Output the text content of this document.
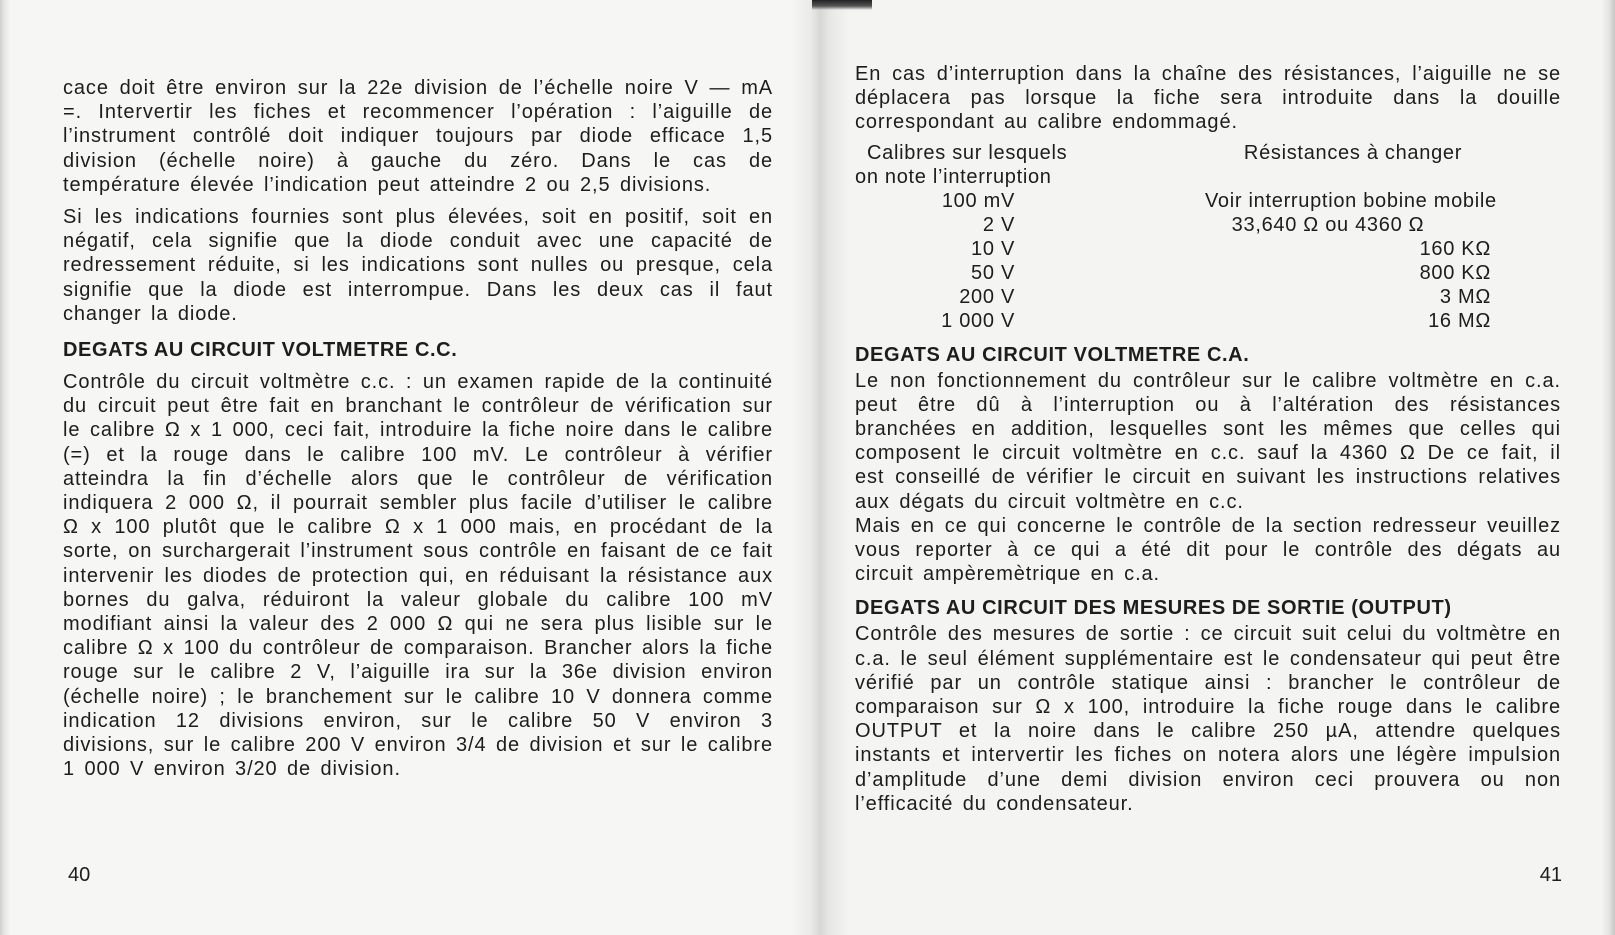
cace doit être environ sur la 22e division de l’échelle noire V — mA =. Intervertir les fiches et recommencer l’opération : l’aiguille de l’instrument contrôlé doit indiquer toujours par diode efficace 1,5 division (échelle noire) à gauche du zéro. Dans le cas de température élevée l’indication peut atteindre 2 ou 2,5 divisions.

Si les indications fournies sont plus élevées, soit en positif, soit en négatif, cela signifie que la diode conduit avec une capacité de redressement réduite, si les indications sont nulles ou presque, cela signifie que la diode est interrompue. Dans les deux cas il faut changer la diode.

DEGATS AU CIRCUIT VOLTMETRE C.C.

Contrôle du circuit voltmètre c.c. : un examen rapide de la continuité du circuit peut être fait en branchant le contrôleur de vérification sur le calibre Ω x 1 000, ceci fait, introduire la fiche noire dans le calibre (=) et la rouge dans le calibre 100 mV. Le contrôleur à vérifier atteindra la fin d’échelle alors que le contrôleur de vérification indiquera 2 000 Ω, il pourrait sembler plus facile d’utiliser le calibre Ω x 100 plutôt que le calibre Ω x 1 000 mais, en procédant de la sorte, on surchargerait l’instrument sous contrôle en faisant de ce fait intervenir les diodes de protection qui, en réduisant la résistance aux bornes du galva, réduiront la valeur globale du calibre 100 mV modifiant ainsi la valeur des 2 000 Ω qui ne sera plus lisible sur le calibre Ω x 100 du contrôleur de comparaison. Brancher alors la fiche rouge sur le calibre 2 V, l’aiguille ira sur la 36e division environ (échelle noire) ; le branchement sur le calibre 10 V donnera comme indication 12 divisions environ, sur le calibre 50 V environ 3 divisions, sur le calibre 200 V environ 3/4 de division et sur le calibre 1 000 V environ 3/20 de division.

40

En cas d’interruption dans la chaîne des résistances, l’aiguille ne se déplacera pas lorsque la fiche sera introduite dans la douille correspondant au calibre endommagé.

Calibres sur lesquels
on note l’interruption
100 mV
2 V
10 V
50 V
200 V
1 000 V
Résistances à changer
Voir interruption bobine mobile
33,640 Ω ou 4360 Ω
160 KΩ
800 KΩ
3 MΩ
16 MΩ
DEGATS AU CIRCUIT VOLTMETRE C.A.

Le non fonctionnement du contrôleur sur le calibre voltmètre en c.a. peut être dû à l’interruption ou à l’altération des résistances branchées en addition, lesquelles sont les mêmes que celles qui composent le circuit voltmètre en c.c. sauf la 4360 Ω De ce fait, il est conseillé de vérifier le circuit en suivant les instructions relatives aux dégats du circuit voltmètre en c.c.

Mais en ce qui concerne le contrôle de la section redresseur veuillez vous reporter à ce qui a été dit pour le contrôle des dégats au circuit ampèremètrique en c.a.

DEGATS AU CIRCUIT DES MESURES DE SORTIE (OUTPUT)

Contrôle des mesures de sortie : ce circuit suit celui du voltmètre en c.a. le seul élément supplémentaire est le condensateur qui peut être vérifié par un contrôle statique ainsi : brancher le contrôleur de comparaison sur Ω x 100, introduire la fiche rouge dans le calibre OUTPUT et la noire dans le calibre 250 µA, attendre quelques instants et intervertir les fiches on notera alors une légère impulsion d’amplitude d’une demi division environ ceci prouvera ou non l’efficacité du condensateur.

41
